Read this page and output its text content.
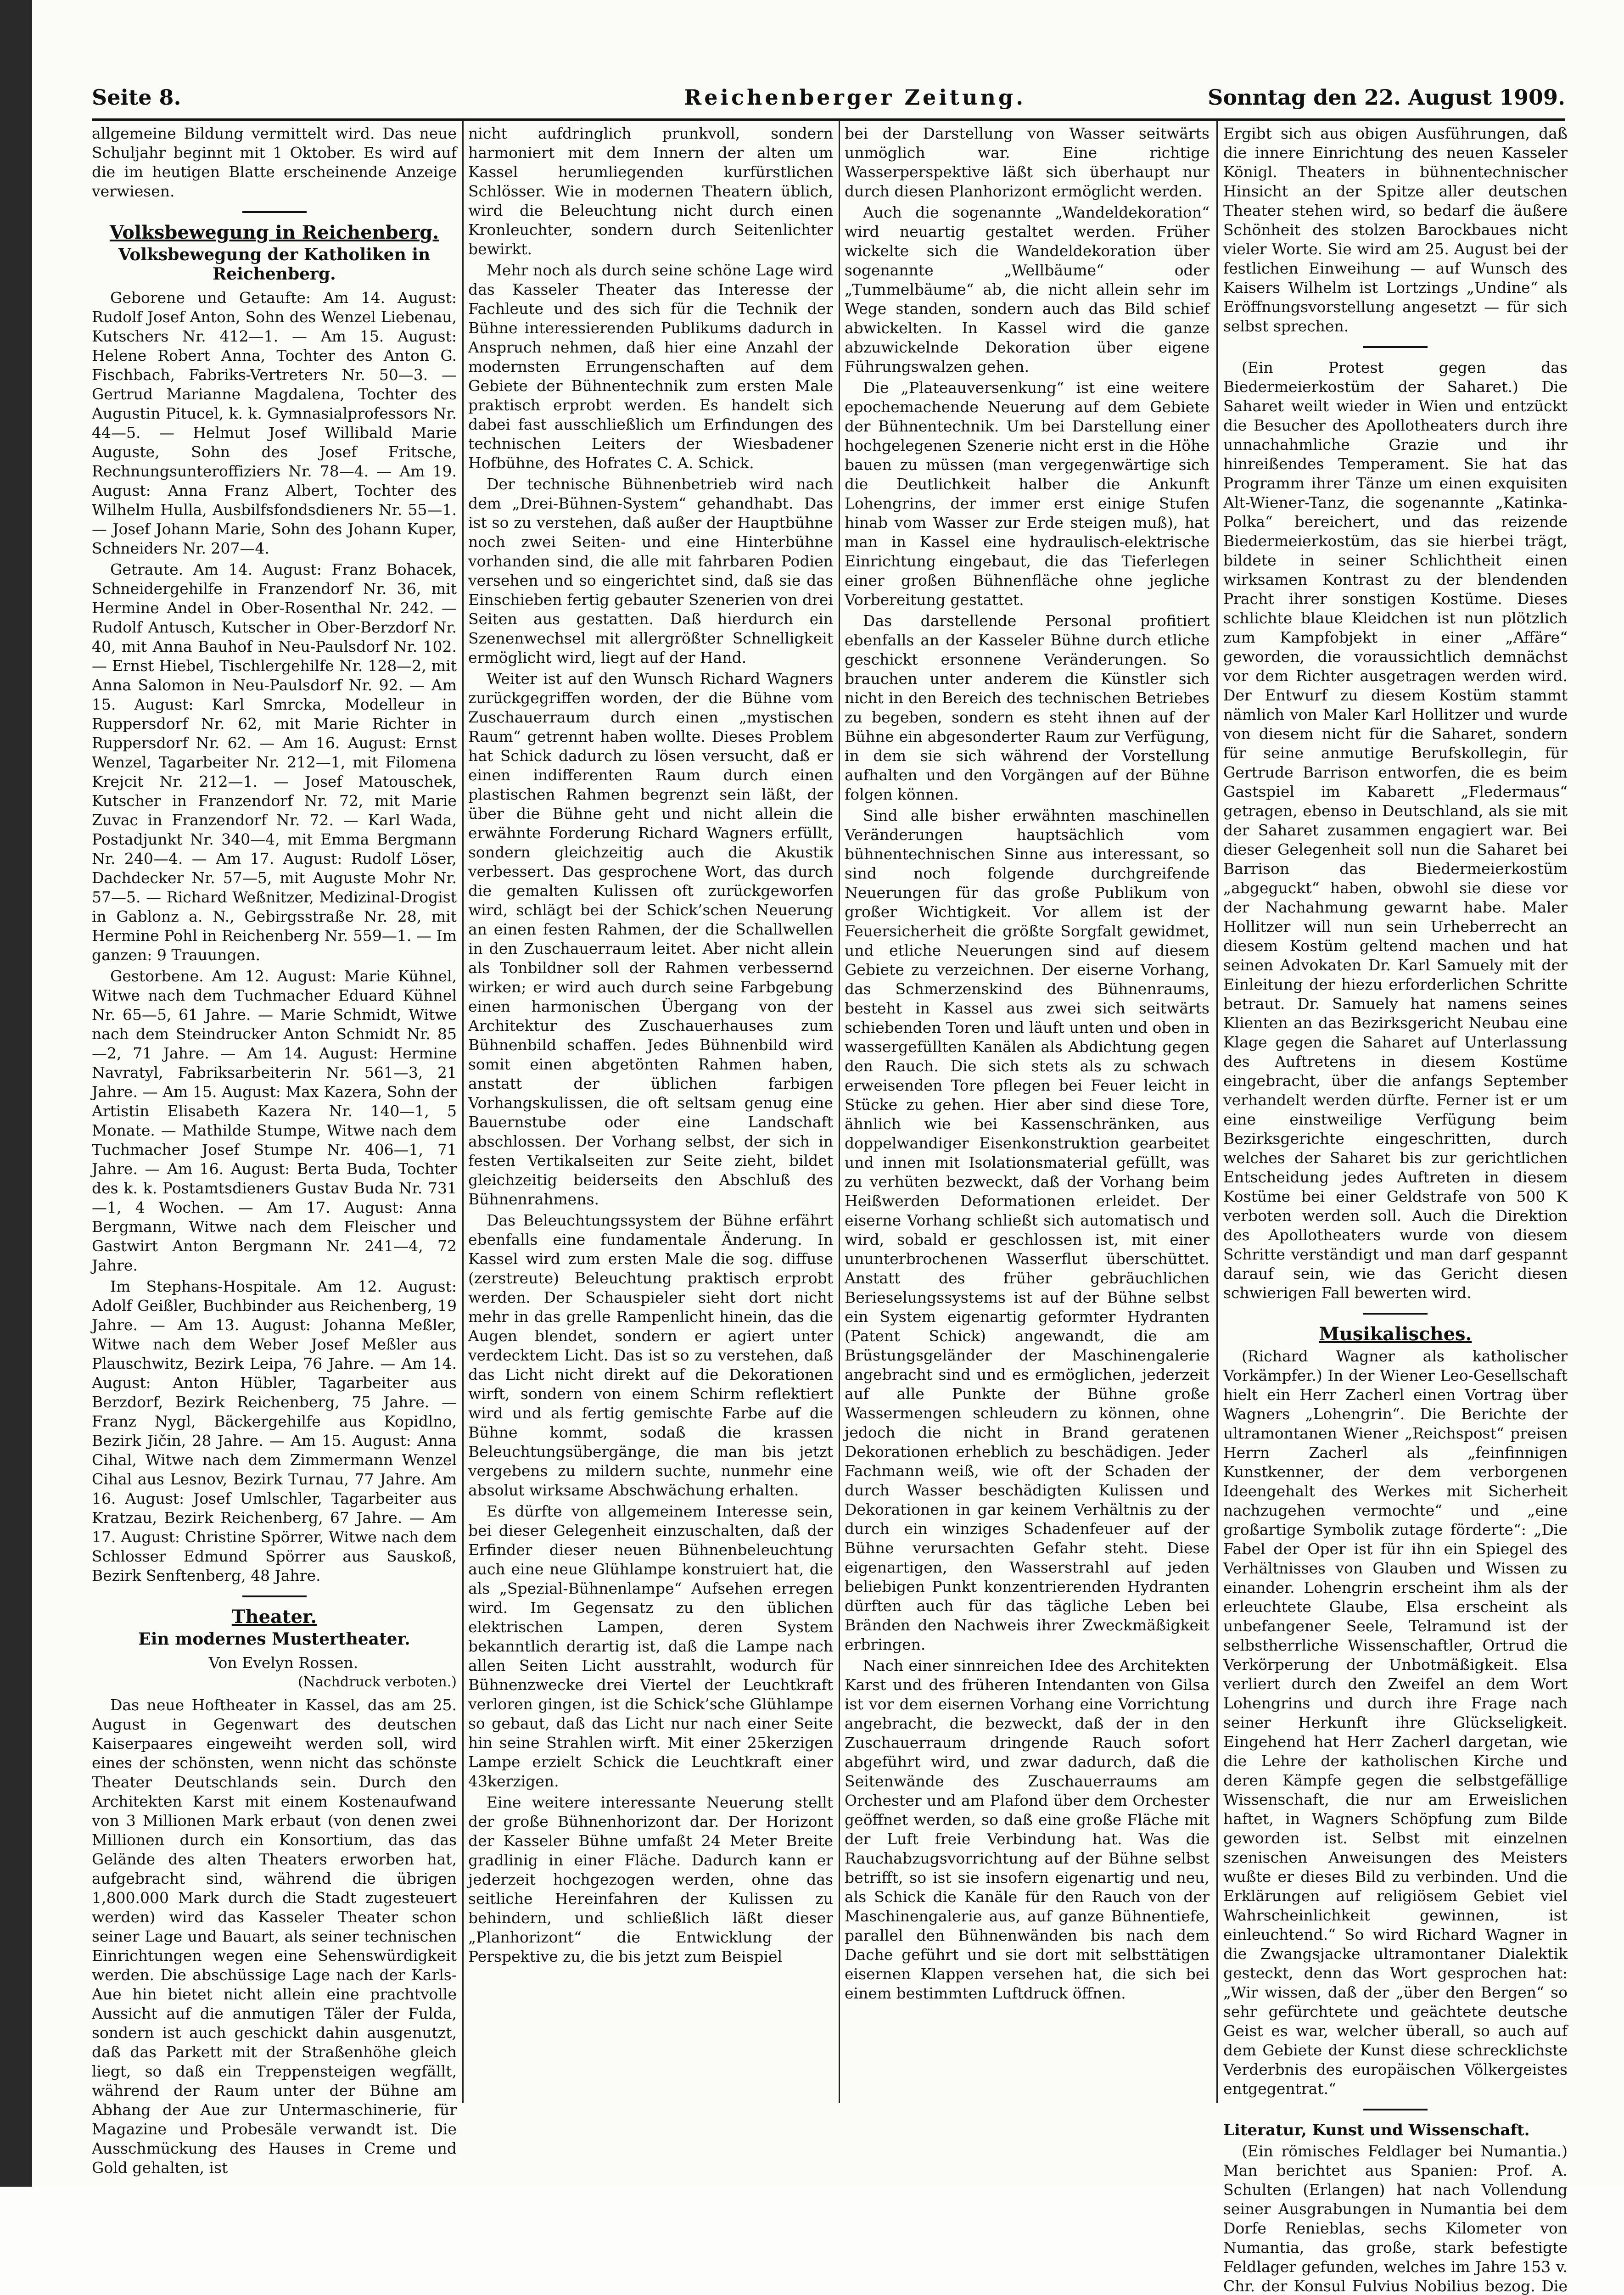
Seite 8.	Reichenberger Zeitung.	Sonntag den 22. August 1909.

allgemeine Bildung vermittelt wird. Das neue Schuljahr beginnt mit 1 Oktober. Es wird auf die im heutigen Blatte erscheinende Anzeige verwiesen.

Volksbewegung in Reichenberg.
Volksbewegung der Katholiken in Reichenberg.

Geborene und Getaufte: Am 14. August: Rudolf Josef Anton, Sohn des Wenzel Liebenau, Kutschers Nr. 412—1. — Am 15. August: Helene Robert Anna, Tochter des Anton G. Fischbach, Fabriks-Vertreters Nr. 50—3. — Gertrud Marianne Magdalena, Tochter des Augustin Pitucel, k. k. Gymnasialprofessors Nr. 44—5. — Helmut Josef Willibald Marie Auguste, Sohn des Josef Fritsche, Rechnungsunteroffiziers Nr. 78—4. — Am 19. August: Anna Franz Albert, Tochter des Wilhelm Hulla, Ausbilfsfondsdieners Nr. 55—1. — Josef Johann Marie, Sohn des Johann Kuper, Schneiders Nr. 207—4.

Getraute. Am 14. August: Franz Bohacek, Schneidergehilfe in Franzendorf Nr. 36, mit Hermine Andel in Ober-Rosenthal Nr. 242. — Rudolf Antusch, Kutscher in Ober-Berzdorf Nr. 40, mit Anna Bauhof in Neu-Paulsdorf Nr. 102. — Ernst Hiebel, Tischlergehilfe Nr. 128—2, mit Anna Salomon in Neu-Paulsdorf Nr. 92. — Am 15. August: Karl Smrcka, Modelleur in Ruppersdorf Nr. 62, mit Marie Richter in Ruppersdorf Nr. 62. — Am 16. August: Ernst Wenzel, Tagarbeiter Nr. 212—1, mit Filomena Krejcit Nr. 212—1. — Josef Matouschek, Kutscher in Franzendorf Nr. 72, mit Marie Zuvac in Franzendorf Nr. 72. — Karl Wada, Postadjunkt Nr. 340—4, mit Emma Bergmann Nr. 240—4. — Am 17. August: Rudolf Löser, Dachdecker Nr. 57—5, mit Auguste Mohr Nr. 57—5. — Richard Weßnitzer, Medizinal-Drogist in Gablonz a. N., Gebirgsstraße Nr. 28, mit Hermine Pohl in Reichenberg Nr. 559—1. — Im ganzen: 9 Trauungen.

Gestorbene. Am 12. August: Marie Kühnel, Witwe nach dem Tuchmacher Eduard Kühnel Nr. 65—5, 61 Jahre. — Marie Schmidt, Witwe nach dem Steindrucker Anton Schmidt Nr. 85—2, 71 Jahre. — Am 14. August: Hermine Navratyl, Fabriksarbeiterin Nr. 561—3, 21 Jahre. — Am 15. August: Max Kazera, Sohn der Artistin Elisabeth Kazera Nr. 140—1, 5 Monate. — Mathilde Stumpe, Witwe nach dem Tuchmacher Josef Stumpe Nr. 406—1, 71 Jahre. — Am 16. August: Berta Buda, Tochter des k. k. Postamtsdieners Gustav Buda Nr. 731—1, 4 Wochen. — Am 17. August: Anna Bergmann, Witwe nach dem Fleischer und Gastwirt Anton Bergmann Nr. 241—4, 72 Jahre.

Im Stephans-Hospitale. Am 12. August: Adolf Geißler, Buchbinder aus Reichenberg, 19 Jahre. — Am 13. August: Johanna Meßler, Witwe nach dem Weber Josef Meßler aus Plauschwitz, Bezirk Leipa, 76 Jahre. — Am 14. August: Anton Hübler, Tagarbeiter aus Berzdorf, Bezirk Reichenberg, 75 Jahre. — Franz Nygl, Bäckergehilfe aus Kopidlno, Bezirk Jičin, 28 Jahre. — Am 15. August: Anna Cihal, Witwe nach dem Zimmermann Wenzel Cihal aus Lesnov, Bezirk Turnau, 77 Jahre. Am 16. August: Josef Umlschler, Tagarbeiter aus Kratzau, Bezirk Reichenberg, 67 Jahre. — Am 17. August: Christine Spörrer, Witwe nach dem Schlosser Edmund Spörrer aus Sauskoß, Bezirk Senftenberg, 48 Jahre.

Theater.
Ein modernes Mustertheater.

Von Evelyn Rossen.

(Nachdruck verboten.)

Das neue Hoftheater in Kassel, das am 25. August in Gegenwart des deutschen Kaiserpaares eingeweiht werden soll, wird eines der schönsten, wenn nicht das schönste Theater Deutschlands sein. Durch den Architekten Karst mit einem Kostenaufwand von 3 Millionen Mark erbaut (von denen zwei Millionen durch ein Konsortium, das das Gelände des alten Theaters erworben hat, aufgebracht sind, während die übrigen 1,800.000 Mark durch die Stadt zugesteuert werden) wird das Kasseler Theater schon seiner Lage und Bauart, als seiner technischen Einrichtungen wegen eine Sehenswürdigkeit werden. Die abschüssige Lage nach der Karls-Aue hin bietet nicht allein eine prachtvolle Aussicht auf die anmutigen Täler der Fulda, sondern ist auch geschickt dahin ausgenutzt, daß das Parkett mit der Straßenhöhe gleich liegt, so daß ein Treppensteigen wegfällt, während der Raum unter der Bühne am Abhang der Aue zur Untermaschinerie, für Magazine und Probesäle verwandt ist. Die Ausschmückung des Hauses in Creme und Gold gehalten, ist

nicht aufdringlich prunkvoll, sondern harmoniert mit dem Innern der alten um Kassel herumliegenden kurfürstlichen Schlösser. Wie in modernen Theatern üblich, wird die Beleuchtung nicht durch einen Kronleuchter, sondern durch Seitenlichter bewirkt.

Mehr noch als durch seine schöne Lage wird das Kasseler Theater das Interesse der Fachleute und des sich für die Technik der Bühne interessierenden Publikums dadurch in Anspruch nehmen, daß hier eine Anzahl der modernsten Errungenschaften auf dem Gebiete der Bühnentechnik zum ersten Male praktisch erprobt werden. Es handelt sich dabei fast ausschließlich um Erfindungen des technischen Leiters der Wiesbadener Hofbühne, des Hofrates C. A. Schick.

Der technische Bühnenbetrieb wird nach dem „Drei-Bühnen-System“ gehandhabt. Das ist so zu verstehen, daß außer der Hauptbühne noch zwei Seiten- und eine Hinterbühne vorhanden sind, die alle mit fahrbaren Podien versehen und so eingerichtet sind, daß sie das Einschieben fertig gebauter Szenerien von drei Seiten aus gestatten. Daß hierdurch ein Szenenwechsel mit allergrößter Schnelligkeit ermöglicht wird, liegt auf der Hand.

Weiter ist auf den Wunsch Richard Wagners zurückgegriffen worden, der die Bühne vom Zuschauerraum durch einen „mystischen Raum“ getrennt haben wollte. Dieses Problem hat Schick dadurch zu lösen versucht, daß er einen indifferenten Raum durch einen plastischen Rahmen begrenzt sein läßt, der über die Bühne geht und nicht allein die erwähnte Forderung Richard Wagners erfüllt, sondern gleichzeitig auch die Akustik verbessert. Das gesprochene Wort, das durch die gemalten Kulissen oft zurückgeworfen wird, schlägt bei der Schick’schen Neuerung an einen festen Rahmen, der die Schallwellen in den Zuschauerraum leitet. Aber nicht allein als Tonbildner soll der Rahmen verbessernd wirken; er wird auch durch seine Farbgebung einen harmonischen Übergang von der Architektur des Zuschauerhauses zum Bühnenbild schaffen. Jedes Bühnenbild wird somit einen abgetönten Rahmen haben, anstatt der üblichen farbigen Vorhangskulissen, die oft seltsam genug eine Bauernstube oder eine Landschaft abschlossen. Der Vorhang selbst, der sich in festen Vertikalseiten zur Seite zieht, bildet gleichzeitig beiderseits den Abschluß des Bühnenrahmens.

Das Beleuchtungssystem der Bühne erfährt ebenfalls eine fundamentale Änderung. In Kassel wird zum ersten Male die sog. diffuse (zerstreute) Beleuchtung praktisch erprobt werden. Der Schauspieler sieht dort nicht mehr in das grelle Rampenlicht hinein, das die Augen blendet, sondern er agiert unter verdecktem Licht. Das ist so zu verstehen, daß das Licht nicht direkt auf die Dekorationen wirft, sondern von einem Schirm reflektiert wird und als fertig gemischte Farbe auf die Bühne kommt, sodaß die krassen Beleuchtungsübergänge, die man bis jetzt vergebens zu mildern suchte, nunmehr eine absolut wirksame Abschwächung erhalten.

Es dürfte von allgemeinem Interesse sein, bei dieser Gelegenheit einzuschalten, daß der Erfinder dieser neuen Bühnenbeleuchtung auch eine neue Glühlampe konstruiert hat, die als „Spezial-Bühnenlampe“ Aufsehen erregen wird. Im Gegensatz zu den üblichen elektrischen Lampen, deren System bekanntlich derartig ist, daß die Lampe nach allen Seiten Licht ausstrahlt, wodurch für Bühnenzwecke drei Viertel der Leuchtkraft verloren gingen, ist die Schick’sche Glühlampe so gebaut, daß das Licht nur nach einer Seite hin seine Strahlen wirft. Mit einer 25kerzigen Lampe erzielt Schick die Leuchtkraft einer 43kerzigen.

Eine weitere interessante Neuerung stellt der große Bühnenhorizont dar. Der Horizont der Kasseler Bühne umfaßt 24 Meter Breite gradlinig in einer Fläche. Dadurch kann er jederzeit hochgezogen werden, ohne das seitliche Hereinfahren der Kulissen zu behindern, und schließlich läßt dieser „Planhorizont“ die Entwicklung der Perspektive zu, die bis jetzt zum Beispiel

bei der Darstellung von Wasser seitwärts unmöglich war. Eine richtige Wasserperspektive läßt sich überhaupt nur durch diesen Planhorizont ermöglicht werden.

Auch die sogenannte „Wandeldekoration“ wird neuartig gestaltet werden. Früher wickelte sich die Wandeldekoration über sogenannte „Wellbäume“ oder „Tummelbäume“ ab, die nicht allein sehr im Wege standen, sondern auch das Bild schief abwickelten. In Kassel wird die ganze abzuwickelnde Dekoration über eigene Führungswalzen gehen.

Die „Plateauversenkung“ ist eine weitere epochemachende Neuerung auf dem Gebiete der Bühnentechnik. Um bei Darstellung einer hochgelegenen Szenerie nicht erst in die Höhe bauen zu müssen (man vergegenwärtige sich die Deutlichkeit halber die Ankunft Lohengrins, der immer erst einige Stufen hinab vom Wasser zur Erde steigen muß), hat man in Kassel eine hydraulisch-elektrische Einrichtung eingebaut, die das Tieferlegen einer großen Bühnenfläche ohne jegliche Vorbereitung gestattet.

Das darstellende Personal profitiert ebenfalls an der Kasseler Bühne durch etliche geschickt ersonnene Veränderungen. So brauchen unter anderem die Künstler sich nicht in den Bereich des technischen Betriebes zu begeben, sondern es steht ihnen auf der Bühne ein abgesonderter Raum zur Verfügung, in dem sie sich während der Vorstellung aufhalten und den Vorgängen auf der Bühne folgen können.

Sind alle bisher erwähnten maschinellen Veränderungen hauptsächlich vom bühnentechnischen Sinne aus interessant, so sind noch folgende durchgreifende Neuerungen für das große Publikum von großer Wichtigkeit. Vor allem ist der Feuersicherheit die größte Sorgfalt gewidmet, und etliche Neuerungen sind auf diesem Gebiete zu verzeichnen. Der eiserne Vorhang, das Schmerzenskind des Bühnenraums, besteht in Kassel aus zwei sich seitwärts schiebenden Toren und läuft unten und oben in wassergefüllten Kanälen als Abdichtung gegen den Rauch. Die sich stets als zu schwach erweisenden Tore pflegen bei Feuer leicht in Stücke zu gehen. Hier aber sind diese Tore, ähnlich wie bei Kassenschränken, aus doppelwandiger Eisenkonstruktion gearbeitet und innen mit Isolationsmaterial gefüllt, was zu verhüten bezweckt, daß der Vorhang beim Heißwerden Deformationen erleidet. Der eiserne Vorhang schließt sich automatisch und wird, sobald er geschlossen ist, mit einer ununterbrochenen Wasserflut überschüttet. Anstatt des früher gebräuchlichen Berieselungssystems ist auf der Bühne selbst ein System eigenartig geformter Hydranten (Patent Schick) angewandt, die am Brüstungsgeländer der Maschinengalerie angebracht sind und es ermöglichen, jederzeit auf alle Punkte der Bühne große Wassermengen schleudern zu können, ohne jedoch die nicht in Brand geratenen Dekorationen erheblich zu beschädigen. Jeder Fachmann weiß, wie oft der Schaden der durch Wasser beschädigten Kulissen und Dekorationen in gar keinem Verhältnis zu der durch ein winziges Schadenfeuer auf der Bühne verursachten Gefahr steht. Diese eigenartigen, den Wasserstrahl auf jeden beliebigen Punkt konzentrierenden Hydranten dürften auch für das tägliche Leben bei Bränden den Nachweis ihrer Zweckmäßigkeit erbringen.

Nach einer sinnreichen Idee des Architekten Karst und des früheren Intendanten von Gilsa ist vor dem eisernen Vorhang eine Vorrichtung angebracht, die bezweckt, daß der in den Zuschauerraum dringende Rauch sofort abgeführt wird, und zwar dadurch, daß die Seitenwände des Zuschauerraums am Orchester und am Plafond über dem Orchester geöffnet werden, so daß eine große Fläche mit der Luft freie Verbindung hat. Was die Rauchabzugsvorrichtung auf der Bühne selbst betrifft, so ist sie insofern eigenartig und neu, als Schick die Kanäle für den Rauch von der Maschinengalerie aus, auf ganze Bühnentiefe, parallel den Bühnenwänden bis nach dem Dache geführt und sie dort mit selbsttätigen eisernen Klappen versehen hat, die sich bei einem bestimmten Luftdruck öffnen.

Ergibt sich aus obigen Ausführungen, daß die innere Einrichtung des neuen Kasseler Königl. Theaters in bühnentechnischer Hinsicht an der Spitze aller deutschen Theater stehen wird, so bedarf die äußere Schönheit des stolzen Barockbaues nicht vieler Worte. Sie wird am 25. August bei der festlichen Einweihung — auf Wunsch des Kaisers Wilhelm ist Lortzings „Undine“ als Eröffnungsvorstellung angesetzt — für sich selbst sprechen.

(Ein Protest gegen das Biedermeierkostüm der Saharet.) Die Saharet weilt wieder in Wien und entzückt die Besucher des Apollotheaters durch ihre unnachahmliche Grazie und ihr hinreißendes Temperament. Sie hat das Programm ihrer Tänze um einen exquisiten Alt-Wiener-Tanz, die sogenannte „Katinka-Polka“ bereichert, und das reizende Biedermeierkostüm, das sie hierbei trägt, bildete in seiner Schlichtheit einen wirksamen Kontrast zu der blendenden Pracht ihrer sonstigen Kostüme. Dieses schlichte blaue Kleidchen ist nun plötzlich zum Kampfobjekt in einer „Affäre“ geworden, die voraussichtlich demnächst vor dem Richter ausgetragen werden wird. Der Entwurf zu diesem Kostüm stammt nämlich von Maler Karl Hollitzer und wurde von diesem nicht für die Saharet, sondern für seine anmutige Berufskollegin, für Gertrude Barrison entworfen, die es beim Gastspiel im Kabarett „Fledermaus“ getragen, ebenso in Deutschland, als sie mit der Saharet zusammen engagiert war. Bei dieser Gelegenheit soll nun die Saharet bei Barrison das Biedermeierkostüm „abgeguckt“ haben, obwohl sie diese vor der Nachahmung gewarnt habe. Maler Hollitzer will nun sein Urheberrecht an diesem Kostüm geltend machen und hat seinen Advokaten Dr. Karl Samuely mit der Einleitung der hiezu erforderlichen Schritte betraut. Dr. Samuely hat namens seines Klienten an das Bezirksgericht Neubau eine Klage gegen die Saharet auf Unterlassung des Auftretens in diesem Kostüme eingebracht, über die anfangs September verhandelt werden dürfte. Ferner ist er um eine einstweilige Verfügung beim Bezirksgerichte eingeschritten, durch welches der Saharet bis zur gerichtlichen Entscheidung jedes Auftreten in diesem Kostüme bei einer Geldstrafe von 500 K verboten werden soll. Auch die Direktion des Apollotheaters wurde von diesem Schritte verständigt und man darf gespannt darauf sein, wie das Gericht diesen schwierigen Fall bewerten wird.

Musikalisches.

(Richard Wagner als katholischer Vorkämpfer.) In der Wiener Leo-Gesellschaft hielt ein Herr Zacherl einen Vortrag über Wagners „Lohengrin“. Die Berichte der ultramontanen Wiener „Reichspost“ preisen Herrn Zacherl als „feinfinnigen Kunstkenner, der dem verborgenen Ideengehalt des Werkes mit Sicherheit nachzugehen vermochte“ und „eine großartige Symbolik zutage förderte“: „Die Fabel der Oper ist für ihn ein Spiegel des Verhältnisses von Glauben und Wissen zu einander. Lohengrin erscheint ihm als der erleuchtete Glaube, Elsa erscheint als unbefangener Seele, Telramund ist der selbstherrliche Wissenschaftler, Ortrud die Verkörperung der Unbotmäßigkeit. Elsa verliert durch den Zweifel an dem Wort Lohengrins und durch ihre Frage nach seiner Herkunft ihre Glückseligkeit. Eingehend hat Herr Zacherl dargetan, wie die Lehre der katholischen Kirche und deren Kämpfe gegen die selbstgefällige Wissenschaft, die nur am Erweislichen haftet, in Wagners Schöpfung zum Bilde geworden ist. Selbst mit einzelnen szenischen Anweisungen des Meisters wußte er dieses Bild zu verbinden. Und die Erklärungen auf religiösem Gebiet viel Wahrscheinlichkeit gewinnen, ist einleuchtend.“ So wird Richard Wagner in die Zwangsjacke ultramontaner Dialektik gesteckt, denn das Wort gesprochen hat: „Wir wissen, daß der „über den Bergen“ so sehr gefürchtete und geächtete deutsche Geist es war, welcher überall, so auch auf dem Gebiete der Kunst diese schrecklichste Verderbnis des europäischen Völkergeistes entgegentrat.“

Literatur, Kunst und Wissenschaft.

(Ein römisches Feldlager bei Numantia.) Man berichtet aus Spanien: Prof. A. Schulten (Erlangen) hat nach Vollendung seiner Ausgrabungen in Numantia bei dem Dorfe Renieblas, sechs Kilometer von Numantia, das große, stark befestigte Feldlager gefunden, welches im Jahre 153 v. Chr. der Konsul Fulvius Nobilius bezog. Die
